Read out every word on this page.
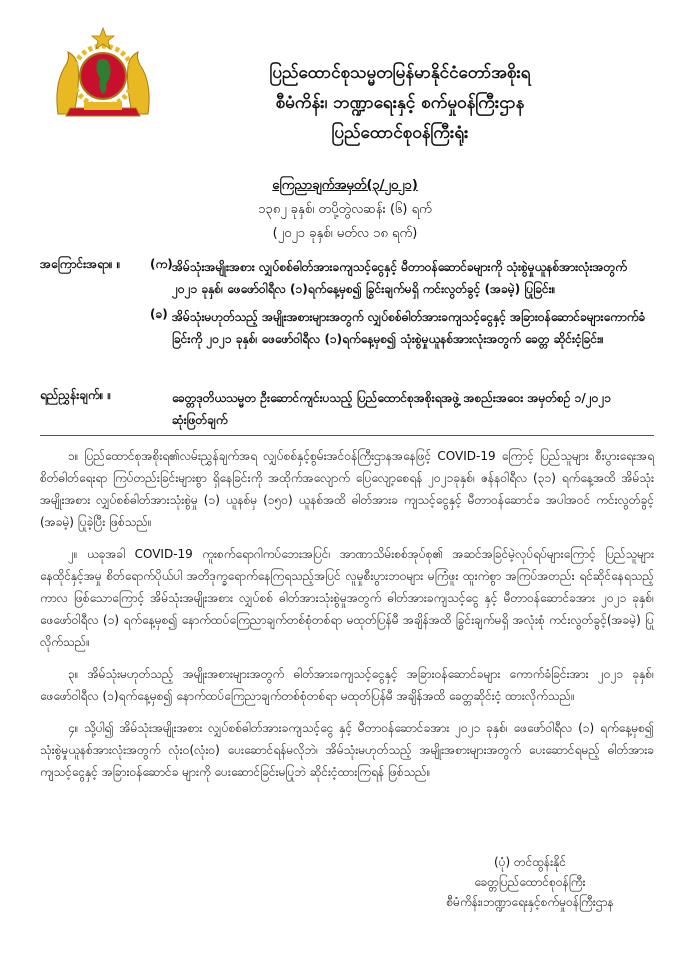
ပြည်ထောင်စုသမ္မတမြန်မာနိုင်ငံတော်အစိုးရ
စီမံကိန်း၊ ဘဏ္ဍာရေးနှင့် စက်မှုဝန်ကြီးဌာန
ပြည်ထောင်စုဝန်ကြီးရုံး
ကြေညာချက်အမှတ်(၃/၂၀၂၁)
၁၃၈၂ ခုနှစ်၊ တပို့တွဲလဆန်း (၆) ရက်
(၂၀၂၁ ခုနှစ်၊ မတ်လ ၁၈ ရက်)
အကြောင်းအရာ။ ။ (က) အိမ်သုံးအမျိုးအစား လျှပ်စစ်ဓါတ်အားခကျသင့်ငွေနှင့် မီတာဝန်ဆောင်ခများကို သုံးစွဲမှုယူနစ်အားလုံးအတွက် ၂၀၂၁ ခုနှစ်၊ ဖေဖော်ဝါရီလ (၁)ရက်နေ့မှစ၍ ခြွင်းချက်မရှိ ကင်းလွတ်ခွင့် (အခမဲ့) ပြုခြင်း။
(ခ) အိမ်သုံးမဟုတ်သည့် အမျိုးအစားများအတွက် လျှပ်စစ်ဓါတ်အားခကျသင့်ငွေနှင့် အခြားဝန်ဆောင်ခများကောက်ခံခြင်းကို ၂၀၂၁ ခုနှစ်၊ ဖေဖော်ဝါရီလ (၁)ရက်နေ့မှစ၍ သုံးစွဲမှုယူနစ်အားလုံးအတွက် ခေတ္တ ဆိုင်းငံ့ခြင်း။
ရည်ညွှန်းချက်။ ။	ခေတ္တဒုတိယသမ္မတ ဦးဆောင်ကျင်းပသည့် ပြည်ထောင်စုအစိုးရအဖွဲ့ အစည်းအဝေး အမှတ်စဉ် ၁/၂၀၂၁ ဆုံးဖြတ်ချက်

၁။ ပြည်ထောင်စုအစိုးရ၏လမ်းညွှန်ချက်အရ လျှပ်စစ်နှင့်စွမ်းအင်ဝန်ကြီးဌာနအနေဖြင့် COVID-19 ကြောင့် ပြည်သူများ စီးပွားရေးအရ စိတ်ဓါတ်ရေးရာ ကြပ်တည်းခြင်းများစွာ ရှိနေခြင်းကို အထိုက်အလျောက် ပြေလျော့စေရန် ၂၀၂၁ခုနှစ်၊ ဇန်နဝါရီလ (၃၁) ရက်နေ့အထိ အိမ်သုံးအမျိုးအစား လျှပ်စစ်ဓါတ်အားသုံးစွဲမှု (၁) ယူနစ်မှ (၁၅၀) ယူနစ်အထိ ဓါတ်အားခ ကျသင့်ငွေနှင့် မီတာဝန်ဆောင်ခ အပါအဝင် ကင်းလွတ်ခွင့် (အခမဲ့) ပြုခဲ့ပြီး ဖြစ်သည်။

၂။ ယခုအခါ COVID-19 ကူးစက်ရောဂါကပ်ဘေးအပြင်၊ အာဏာသိမ်းစစ်အုပ်စု၏ အဆင်အခြင်မဲ့လုပ်ရပ်များကြောင့် ပြည်သူများ နေထိုင်နှင့်အမှု စိတ်ရောက်ပိုယ်ပါ အတိဒုက္ခရောက်နေကြရသည့်အပြင် လူမှုစီးပွားဘဝများ မကြံဖူး ထူးကဲစွာ အကြပ်အတည်း ရင်ဆိုင်နေရသည့်ကာလ ဖြစ်သောကြောင့် အိမ်သုံးအမျိုးအစား လျှပ်စစ် ဓါတ်အားသုံးစွဲမှုအတွက် ဓါတ်အားခကျသင့်ငွေ နှင့် မီတာဝန်ဆောင်ခအား ၂၀၂၁ ခုနှစ်၊ ဖေဖော်ဝါရီလ (၁) ရက်နေ့မှစ၍ နောက်ထပ်ကြေညာချက်တစ်စုံတစ်ရာ မထုတ်ပြန်မီ အချိန်အထိ ခြွင်းချက်မရှိ အလုံးစုံ ကင်းလွတ်ခွင့်(အခမဲ့) ပြုလိုက်သည်။

၃။ အိမ်သုံးမဟုတ်သည့် အမျိုးအစားများအတွက် ဓါတ်အားခကျသင့်ငွေနှင့် အခြားဝန်ဆောင်ခများ ကောက်ခံခြင်းအား ၂၀၂၁ ခုနှစ်၊ ဖေဖော်ဝါရီလ (၁)ရက်နေ့မှစ၍ နောက်ထပ်ကြေညာချက်တစ်စုံတစ်ရာ မထုတ်ပြန်မီ အချိန်အထိ ခေတ္တဆိုင်းငံ့ ထားလိုက်သည်။

၄။ သို့ပါ၍ အိမ်သုံးအမျိုးအစား လျှပ်စစ်ဓါတ်အားခကျသင့်ငွေ နှင့် မီတာဝန်ဆောင်ခအား ၂၀၂၁ ခုနှစ်၊ ဖေဖော်ဝါရီလ (၁) ရက်နေ့မှစ၍ သုံးစွဲမှုယူနစ်အားလုံးအတွက် လုံးဝ(လုံးဝ) ပေးဆောင်ရန်မလိုဘဲ၊ အိမ်သုံးမဟုတ်သည့် အမျိုးအစားများအတွက် ပေးဆောင်ရမည့် ဓါတ်အားခကျသင့်ငွေနှင့် အခြားဝန်ဆောင်ခ များကို ပေးဆောင်ခြင်းမပြုဘဲ ဆိုင်းငံ့ထားကြရန် ဖြစ်သည်။

(ပုံ) တင်ထွန်းနိုင်
ခေတ္တပြည်ထောင်စုဝန်ကြီး
စီမံကိန်း၊ဘဏ္ဍာရေးနှင့်စက်မှုဝန်ကြီးဌာန
